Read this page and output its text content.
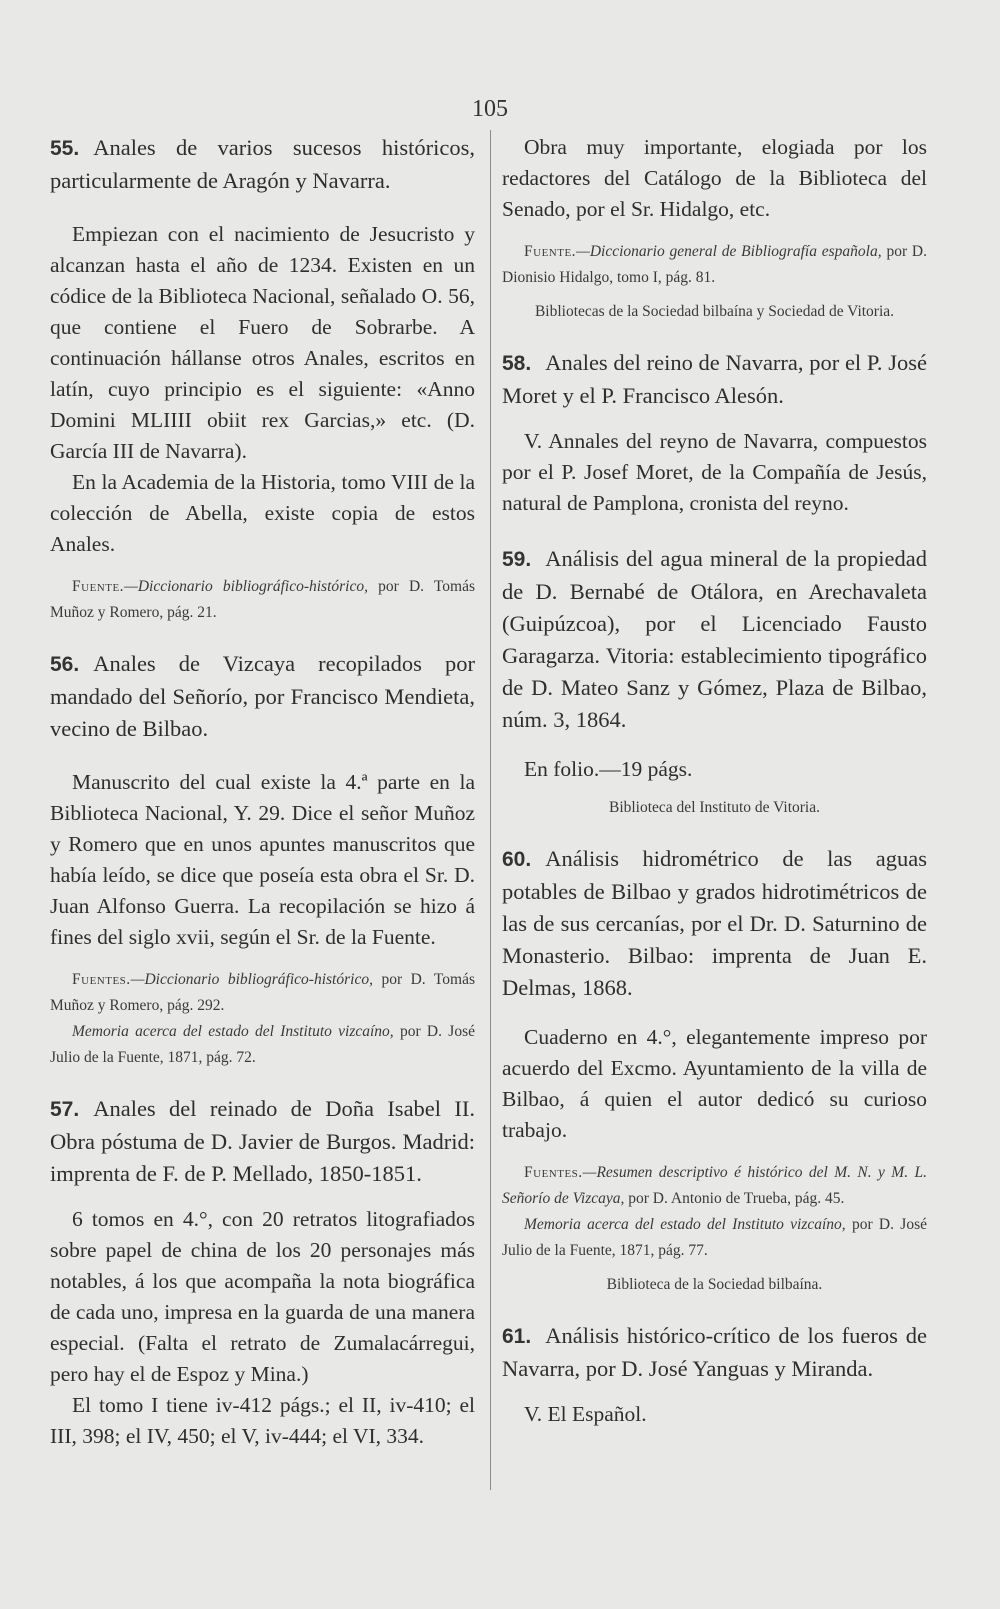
105

55. Anales de varios sucesos históricos, particularmente de Aragón y Navarra.

Empiezan con el nacimiento de Jesucristo y alcanzan hasta el año de 1234. Existen en un códice de la Biblioteca Nacional, señalado O. 56, que contiene el Fuero de Sobrarbe. A continuación hállanse otros Anales, escritos en latín, cuyo principio es el siguiente: «Anno Domini MLIIII obiit rex Garcias,» etc. (D. García III de Navarra).

En la Academia de la Historia, tomo VIII de la colección de Abella, existe copia de estos Anales.

Fuente.—Diccionario bibliográfico-histórico, por D. Tomás Muñoz y Romero, pág. 21.

56. Anales de Vizcaya recopilados por mandado del Señorío, por Francisco Mendieta, vecino de Bilbao.

Manuscrito del cual existe la 4.ª parte en la Biblioteca Nacional, Y. 29. Dice el señor Muñoz y Romero que en unos apuntes manuscritos que había leído, se dice que poseía esta obra el Sr. D. Juan Alfonso Guerra. La recopilación se hizo á fines del siglo xvii, según el Sr. de la Fuente.

Fuentes.—Diccionario bibliográfico-histórico, por D. Tomás Muñoz y Romero, pág. 292.

Memoria acerca del estado del Instituto vizcaíno, por D. José Julio de la Fuente, 1871, pág. 72.

57. Anales del reinado de Doña Isabel II. Obra póstuma de D. Javier de Burgos. Madrid: imprenta de F. de P. Mellado, 1850-1851.

6 tomos en 4.°, con 20 retratos litografiados sobre papel de china de los 20 personajes más notables, á los que acompaña la nota biográfica de cada uno, impresa en la guarda de una manera especial. (Falta el retrato de Zumalacárregui, pero hay el de Espoz y Mina.)

El tomo I tiene iv-412 págs.; el II, iv-410; el III, 398; el IV, 450; el V, iv-444; el VI, 334.

Obra muy importante, elogiada por los redactores del Catálogo de la Biblioteca del Senado, por el Sr. Hidalgo, etc.

Fuente.—Diccionario general de Bibliografía española, por D. Dionisio Hidalgo, tomo I, pág. 81.

Bibliotecas de la Sociedad bilbaína y Sociedad de Vitoria.

58. Anales del reino de Navarra, por el P. José Moret y el P. Francisco Alesón.

V. Annales del reyno de Navarra, compuestos por el P. Josef Moret, de la Compañía de Jesús, natural de Pamplona, cronista del reyno.

59. Análisis del agua mineral de la propiedad de D. Bernabé de Otálora, en Arechavaleta (Guipúzcoa), por el Licenciado Fausto Garagarza. Vitoria: establecimiento tipográfico de D. Mateo Sanz y Gómez, Plaza de Bilbao, núm. 3, 1864.

En folio.—19 págs.

Biblioteca del Instituto de Vitoria.

60. Análisis hidrométrico de las aguas potables de Bilbao y grados hidrotimétricos de las de sus cercanías, por el Dr. D. Saturnino de Monasterio. Bilbao: imprenta de Juan E. Delmas, 1868.

Cuaderno en 4.°, elegantemente impreso por acuerdo del Excmo. Ayuntamiento de la villa de Bilbao, á quien el autor dedicó su curioso trabajo.

Fuentes.—Resumen descriptivo é histórico del M. N. y M. L. Señorío de Vizcaya, por D. Antonio de Trueba, pág. 45.

Memoria acerca del estado del Instituto vizcaíno, por D. José Julio de la Fuente, 1871, pág. 77.

Biblioteca de la Sociedad bilbaína.

61. Análisis histórico-crítico de los fueros de Navarra, por D. José Yanguas y Miranda.

V. El Español.
